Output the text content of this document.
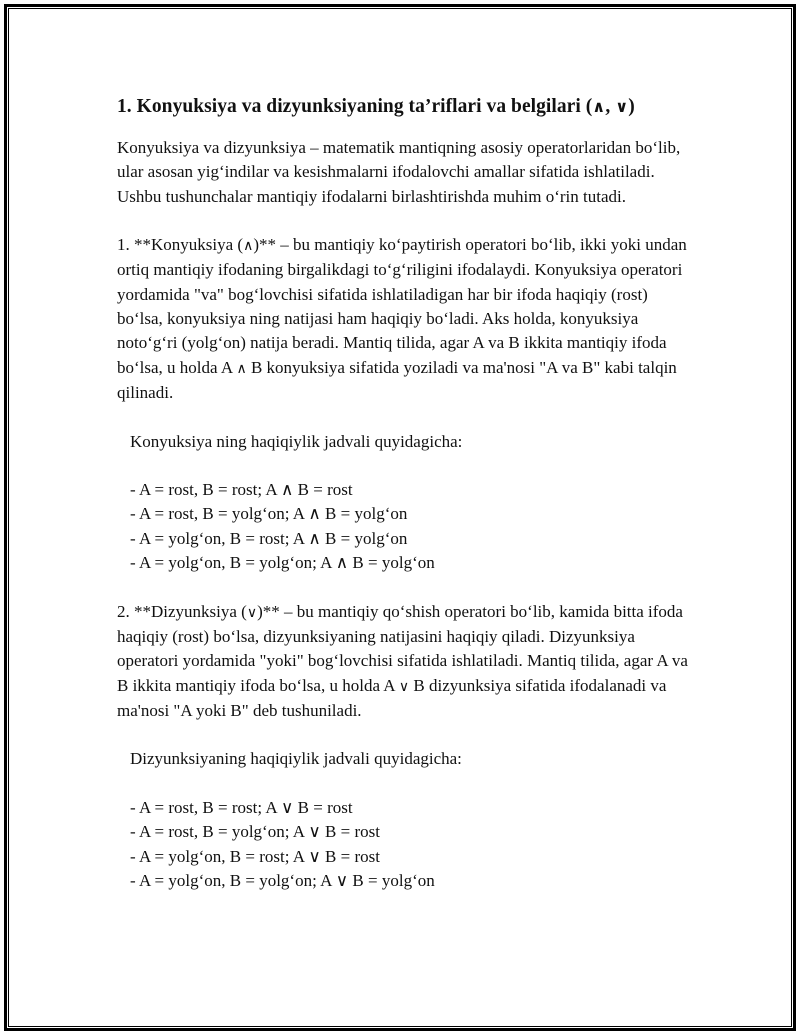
1. Konyuksiya va dizyunksiyaning ta’riflari va belgilari (∧, ∨)

Konyuksiya va dizyunksiya – matematik mantiqning asosiy operatorlaridan bo‘lib, ular asosan yig‘indilar va kesishmalarni ifodalovchi amallar sifatida ishlatiladi. Ushbu tushunchalar mantiqiy ifodalarni birlashtirishda muhim o‘rin tutadi.

1. **Konyuksiya (∧)** – bu mantiqiy ko‘paytirish operatori bo‘lib, ikki yoki undan ortiq mantiqiy ifodaning birgalikdagi to‘g‘riligini ifodalaydi. Konyuksiya operatori yordamida "va" bog‘lovchisi sifatida ishlatiladigan har bir ifoda haqiqiy (rost) bo‘lsa, konyuksiya ning natijasi ham haqiqiy bo‘ladi. Aks holda, konyuksiya noto‘g‘ri (yolg‘on) natija beradi. Mantiq tilida, agar A va B ikkita mantiqiy ifoda bo‘lsa, u holda A ∧ B konyuksiya sifatida yoziladi va ma'nosi "A va B" kabi talqin qilinadi.

Konyuksiya ning haqiqiylik jadvali quyidagicha:

- A = rost, B = rost; A ∧ B = rost
- A = rost, B = yolg‘on; A ∧ B = yolg‘on
- A = yolg‘on, B = rost; A ∧ B = yolg‘on
- A = yolg‘on, B = yolg‘on; A ∧ B = yolg‘on

2. **Dizyunksiya (∨)** – bu mantiqiy qo‘shish operatori bo‘lib, kamida bitta ifoda haqiqiy (rost) bo‘lsa, dizyunksiyaning natijasini haqiqiy qiladi. Dizyunksiya operatori yordamida "yoki" bog‘lovchisi sifatida ishlatiladi. Mantiq tilida, agar A va B ikkita mantiqiy ifoda bo‘lsa, u holda A ∨ B dizyunksiya sifatida ifodalanadi va ma'nosi "A yoki B" deb tushuniladi.

Dizyunksiyaning haqiqiylik jadvali quyidagicha:

- A = rost, B = rost; A ∨ B = rost
- A = rost, B = yolg‘on; A ∨ B = rost
- A = yolg‘on, B = rost; A ∨ B = rost
- A = yolg‘on, B = yolg‘on; A ∨ B = yolg‘on
